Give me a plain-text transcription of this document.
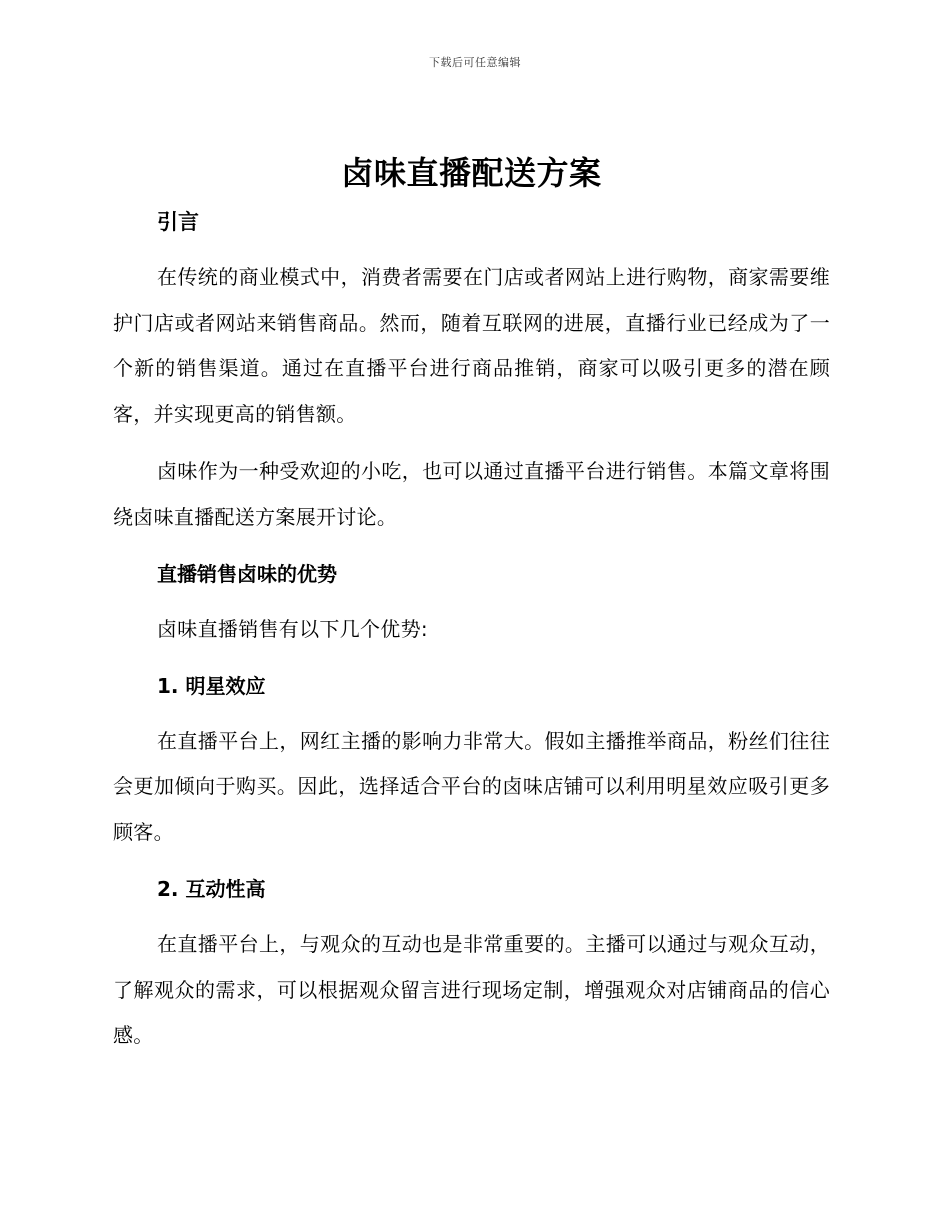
下载后可任意编辑
卤味直播配送方案
引言

在传统的商业模式中，消费者需要在门店或者网站上进行购物，商家需要维护门店或者网站来销售商品。然而，随着互联网的进展，直播行业已经成为了一个新的销售渠道。通过在直播平台进行商品推销，商家可以吸引更多的潜在顾客，并实现更高的销售额。

卤味作为一种受欢迎的小吃，也可以通过直播平台进行销售。本篇文章将围绕卤味直播配送方案展开讨论。

直播销售卤味的优势

卤味直播销售有以下几个优势:

1. 明星效应

在直播平台上，网红主播的影响力非常大。假如主播推举商品，粉丝们往往会更加倾向于购买。因此，选择适合平台的卤味店铺可以利用明星效应吸引更多顾客。

2. 互动性高

在直播平台上，与观众的互动也是非常重要的。主播可以通过与观众互动，了解观众的需求，可以根据观众留言进行现场定制，增强观众对店铺商品的信心感。
